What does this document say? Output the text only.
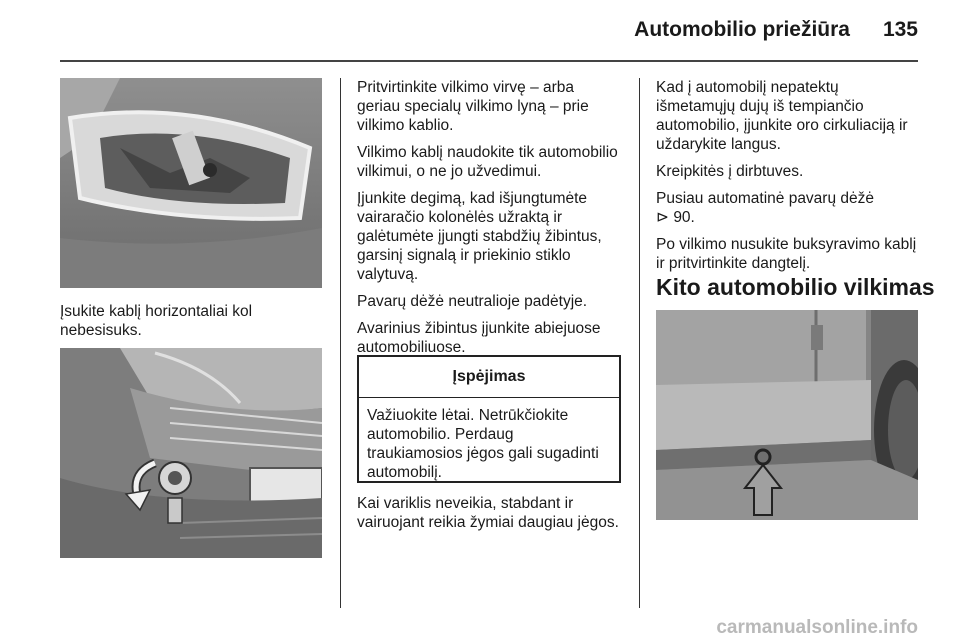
Automobilio priežiūra 135
Įsukite kablį horizontaliai kol nebesisuks.

Pritvirtinkite vilkimo virvę – arba geriau specialų vilkimo lyną – prie vilkimo kablio.

Vilkimo kablį naudokite tik automobilio vilkimui, o ne jo užvedimui.

Įjunkite degimą, kad išjungtumėte vairaračio kolonėlės užraktą ir galėtumėte įjungti stabdžių žibintus, garsinį signalą ir priekinio stiklo valytuvą.

Pavarų dėžė neutralioje padėtyje.

Avarinius žibintus įjunkite abiejuose automobiliuose.

Įspėjimas
Važiuokite lėtai. Netrūkčiokite automobilio. Perdaug traukiamosios jėgos gali sugadinti automobilį.
Kai variklis neveikia, stabdant ir vairuojant reikia žymiai daugiau jėgos.

Kad į automobilį nepatektų išmetamųjų dujų iš tempiančio automobilio, įjunkite oro cirkuliaciją ir uždarykite langus.

Kreipkitės į dirbtuves.

Pusiau automatinė pavarų dėžė
⊳ 90.

Po vilkimo nusukite buksyravimo kablį ir pritvirtinkite dangtelį.

Kito automobilio vilkimas
carmanualsonline.info
